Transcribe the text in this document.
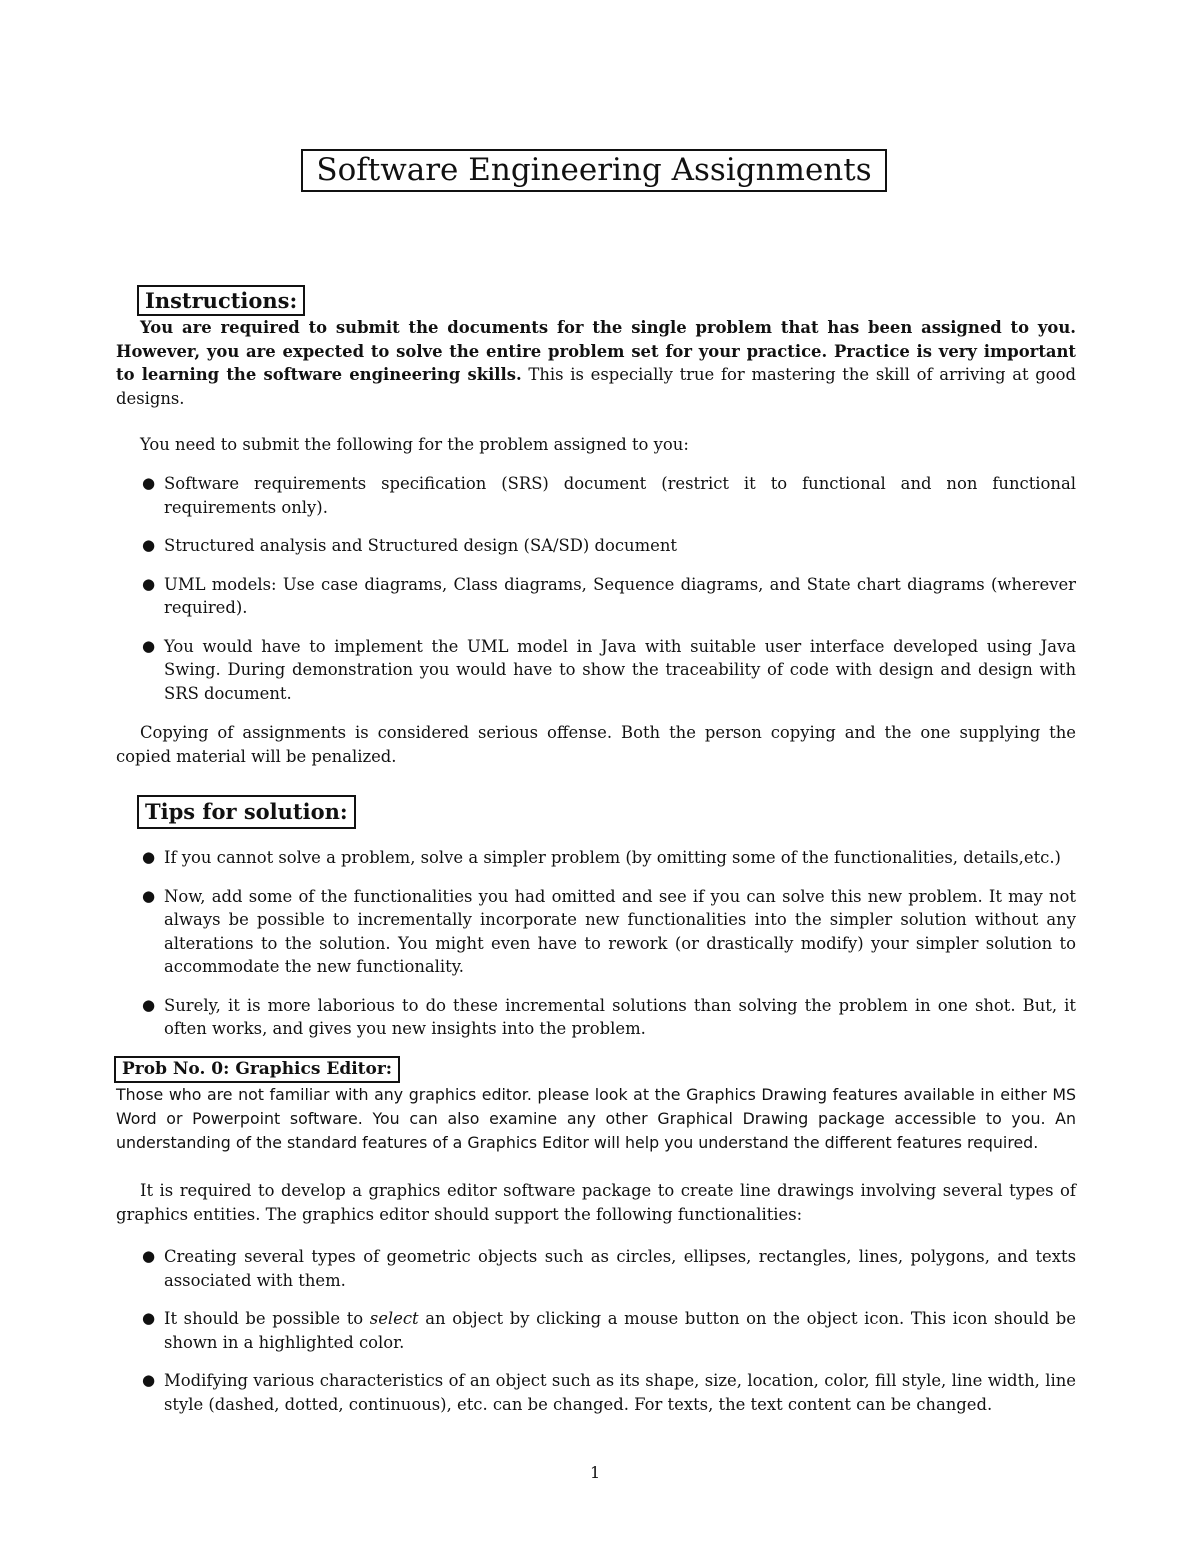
Software Engineering Assignments
Instructions:

You are required to submit the documents for the single problem that has been assigned to you. However, you are expected to solve the entire problem set for your practice. Practice is very important to learning the software engineering skills. This is especially true for mastering the skill of arriving at good designs.

You need to submit the following for the problem assigned to you:

● Software requirements specification (SRS) document (restrict it to functional and non functional requirements only).
● Structured analysis and Structured design (SA/SD) document
● UML models: Use case diagrams, Class diagrams, Sequence diagrams, and State chart diagrams (wherever required).
● You would have to implement the UML model in Java with suitable user interface developed using Java Swing. During demonstration you would have to show the traceability of code with design and design with SRS document.

Copying of assignments is considered serious offense. Both the person copying and the one supplying the copied material will be penalized.

Tips for solution:
● If you cannot solve a problem, solve a simpler problem (by omitting some of the functionalities, details,etc.)
● Now, add some of the functionalities you had omitted and see if you can solve this new problem. It may not always be possible to incrementally incorporate new functionalities into the simpler solution without any alterations to the solution. You might even have to rework (or drastically modify) your simpler solution to accommodate the new functionality.
● Surely, it is more laborious to do these incremental solutions than solving the problem in one shot. But, it often works, and gives you new insights into the problem.
Prob No. 0: Graphics Editor:

Those who are not familiar with any graphics editor. please look at the Graphics Drawing features available in either MS Word or Powerpoint software. You can also examine any other Graphical Drawing package accessible to you. An understanding of the standard features of a Graphics Editor will help you understand the different features required.

It is required to develop a graphics editor software package to create line drawings involving several types of graphics entities. The graphics editor should support the following functionalities:

● Creating several types of geometric objects such as circles, ellipses, rectangles, lines, polygons, and texts associated with them.
● It should be possible to select an object by clicking a mouse button on the object icon. This icon should be shown in a highlighted color.
● Modifying various characteristics of an object such as its shape, size, location, color, fill style, line width, line style (dashed, dotted, continuous), etc. can be changed. For texts, the text content can be changed.
1
